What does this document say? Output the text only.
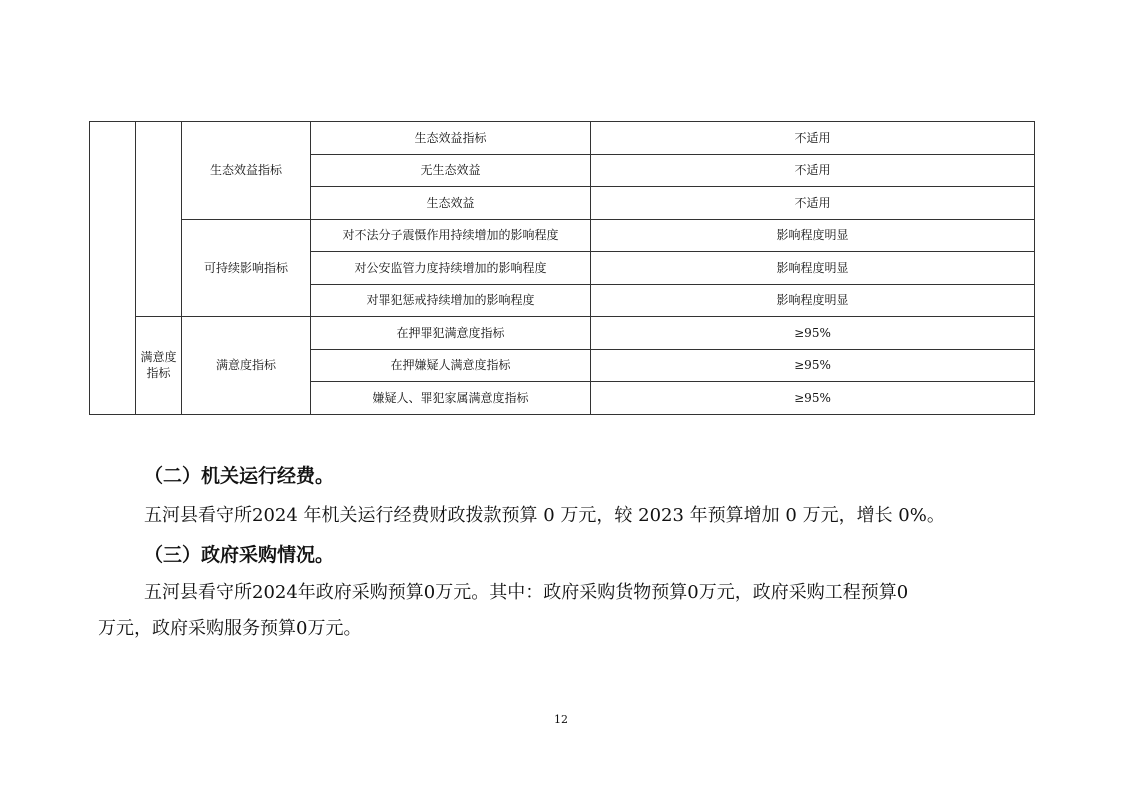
		生态效益指标	生态效益指标	不适用
			无生态效益	不适用
			生态效益	不适用
		可持续影响指标	对不法分子震慑作用持续增加的影响程度	影响程度明显
			对公安监管力度持续增加的影响程度	影响程度明显
			对罪犯惩戒持续增加的影响程度	影响程度明显
	满意度指标	满意度指标	在押罪犯满意度指标	≥95%
			在押嫌疑人满意度指标	≥95%
			嫌疑人、罪犯家属满意度指标	≥95%
（二）机关运行经费。
五河县看守所2024 年机关运行经费财政拨款预算 0 万元，较 2023 年预算增加 0 万元，增长 0%。
（三）政府采购情况。
五河县看守所2024年政府采购预算0万元。其中：政府采购货物预算0万元，政府采购工程预算0
万元，政府采购服务预算0万元。
12
